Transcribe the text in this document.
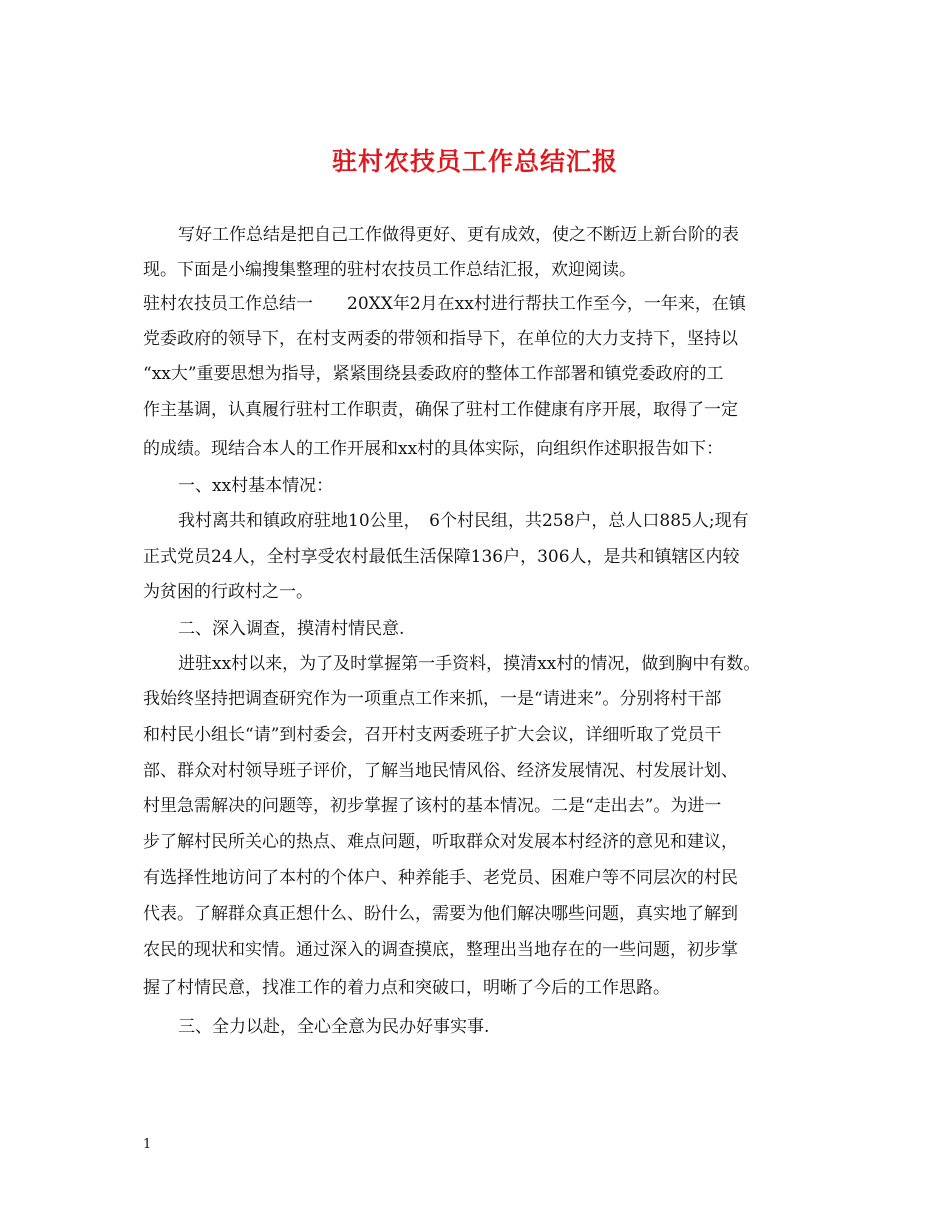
驻村农技员工作总结汇报
写好工作总结是把自己工作做得更好、更有成效，使之不断迈上新台阶的表
现。下面是小编搜集整理的驻村农技员工作总结汇报，欢迎阅读。
驻村农技员工作总结一　　20XX年2月在xx村进行帮扶工作至今，一年来，在镇
党委政府的领导下，在村支两委的带领和指导下，在单位的大力支持下，坚持以
“xx大”重要思想为指导，紧紧围绕县委政府的整体工作部署和镇党委政府的工
作主基调，认真履行驻村工作职责，确保了驻村工作健康有序开展，取得了一定
的成绩。现结合本人的工作开展和xx村的具体实际，向组织作述职报告如下：
一、xx村基本情况：
我村离共和镇政府驻地10公里，　6个村民组，共258户，总人口885人;现有
正式党员24人，全村享受农村最低生活保障136户，306人，是共和镇辖区内较
为贫困的行政村之一。
二、深入调查，摸清村情民意.
进驻xx村以来，为了及时掌握第一手资料，摸清xx村的情况，做到胸中有数。
我始终坚持把调查研究作为一项重点工作来抓，一是“请进来”。分别将村干部
和村民小组长“请”到村委会，召开村支两委班子扩大会议，详细听取了党员干
部、群众对村领导班子评价，了解当地民情风俗、经济发展情况、村发展计划、
村里急需解决的问题等，初步掌握了该村的基本情况。二是“走出去”。为进一
步了解村民所关心的热点、难点问题，听取群众对发展本村经济的意见和建议，
有选择性地访问了本村的个体户、种养能手、老党员、困难户等不同层次的村民
代表。了解群众真正想什么、盼什么，需要为他们解决哪些问题，真实地了解到
农民的现状和实情。通过深入的调查摸底，整理出当地存在的一些问题，初步掌
握了村情民意，找准工作的着力点和突破口，明晰了今后的工作思路。
三、全力以赴，全心全意为民办好事实事.
1
